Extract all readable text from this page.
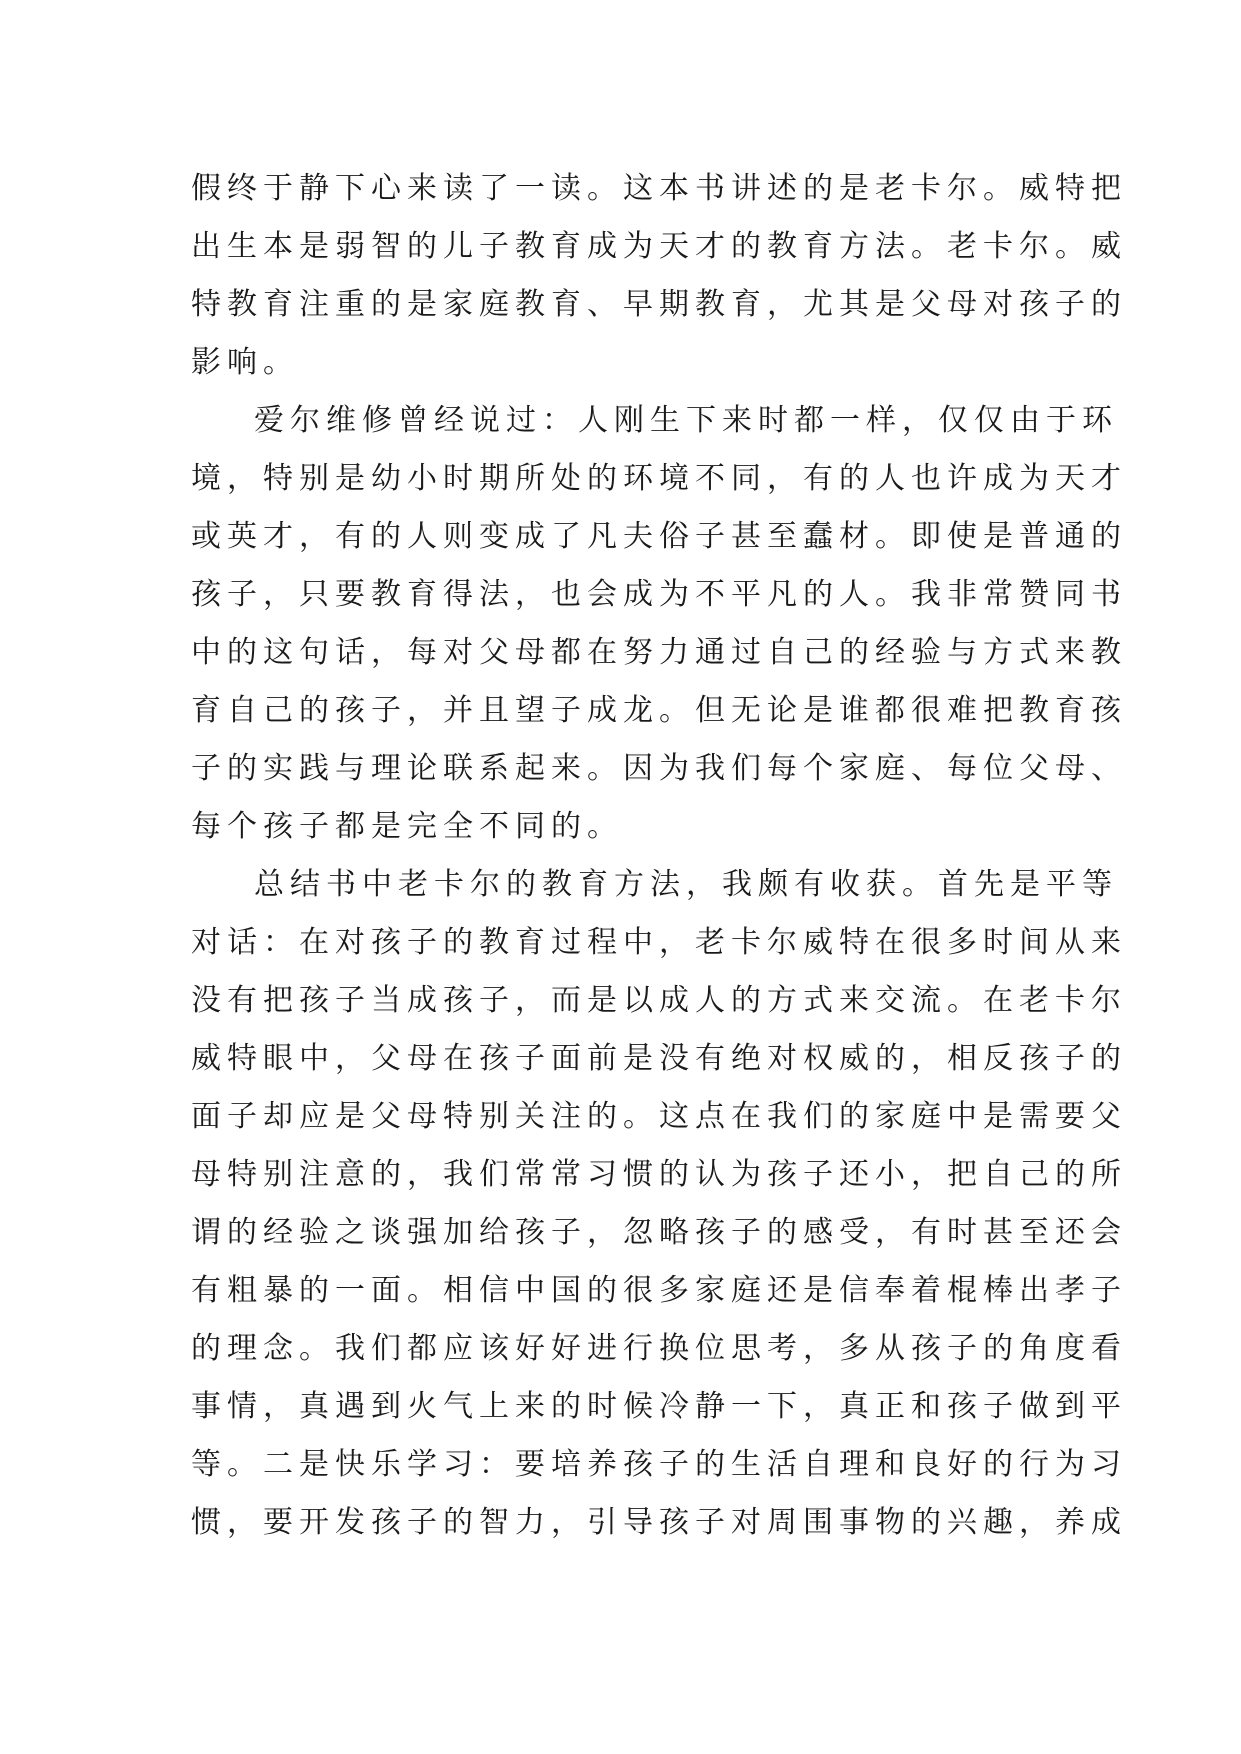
假终于静下心来读了一读。这本书讲述的是老卡尔。威特把
出生本是弱智的儿子教育成为天才的教育方法。老卡尔。威
特教育注重的是家庭教育、早期教育，尤其是父母对孩子的
影响。
爱尔维修曾经说过：人刚生下来时都一样，仅仅由于环
境，特别是幼小时期所处的环境不同，有的人也许成为天才
或英才，有的人则变成了凡夫俗子甚至蠢材。即使是普通的
孩子，只要教育得法，也会成为不平凡的人。我非常赞同书
中的这句话，每对父母都在努力通过自己的经验与方式来教
育自己的孩子，并且望子成龙。但无论是谁都很难把教育孩
子的实践与理论联系起来。因为我们每个家庭、每位父母、
每个孩子都是完全不同的。
总结书中老卡尔的教育方法，我颇有收获。首先是平等
对话：在对孩子的教育过程中，老卡尔威特在很多时间从来
没有把孩子当成孩子，而是以成人的方式来交流。在老卡尔
威特眼中，父母在孩子面前是没有绝对权威的，相反孩子的
面子却应是父母特别关注的。这点在我们的家庭中是需要父
母特别注意的，我们常常习惯的认为孩子还小，把自己的所
谓的经验之谈强加给孩子，忽略孩子的感受，有时甚至还会
有粗暴的一面。相信中国的很多家庭还是信奉着棍棒出孝子
的理念。我们都应该好好进行换位思考，多从孩子的角度看
事情，真遇到火气上来的时候冷静一下，真正和孩子做到平
等。二是快乐学习：要培养孩子的生活自理和良好的行为习
惯，要开发孩子的智力，引导孩子对周围事物的兴趣，养成
